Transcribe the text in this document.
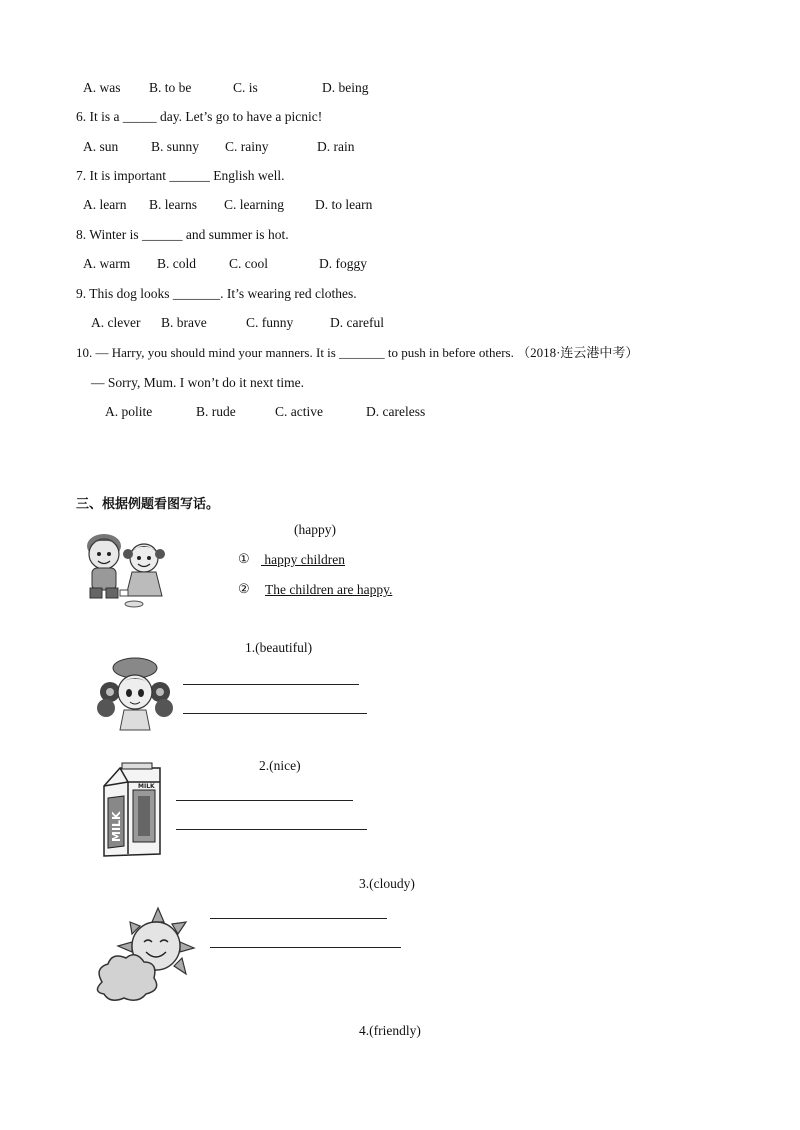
A. was B. to be	C. is	D. being
6. It is a _____ day. Let’s go to have a picnic!
A. sun B. sunny C. rainy	D. rain
7. It is important ______ English well.
A. learn B. learns C. learning D. to learn
8. Winter is ______ and summer is hot.
A. warm B. cold C. cool	D. foggy
9. This dog looks _______. It’s wearing red clothes.
A. clever B. brave	C. funny	D. careful
10. — Harry, you should mind your manners. It is _______ to push in before others. （2018·连云港中考）
— Sorry, Mum. I won’t do it next time.
A. polite	B. rude	C. active	D. careless
三、根据例题看图写话。
(happy)
① happy children
② The children are happy.
1.(beautiful)
2.(nice)
MILK
MILK
3.(cloudy)
4.(friendly)
